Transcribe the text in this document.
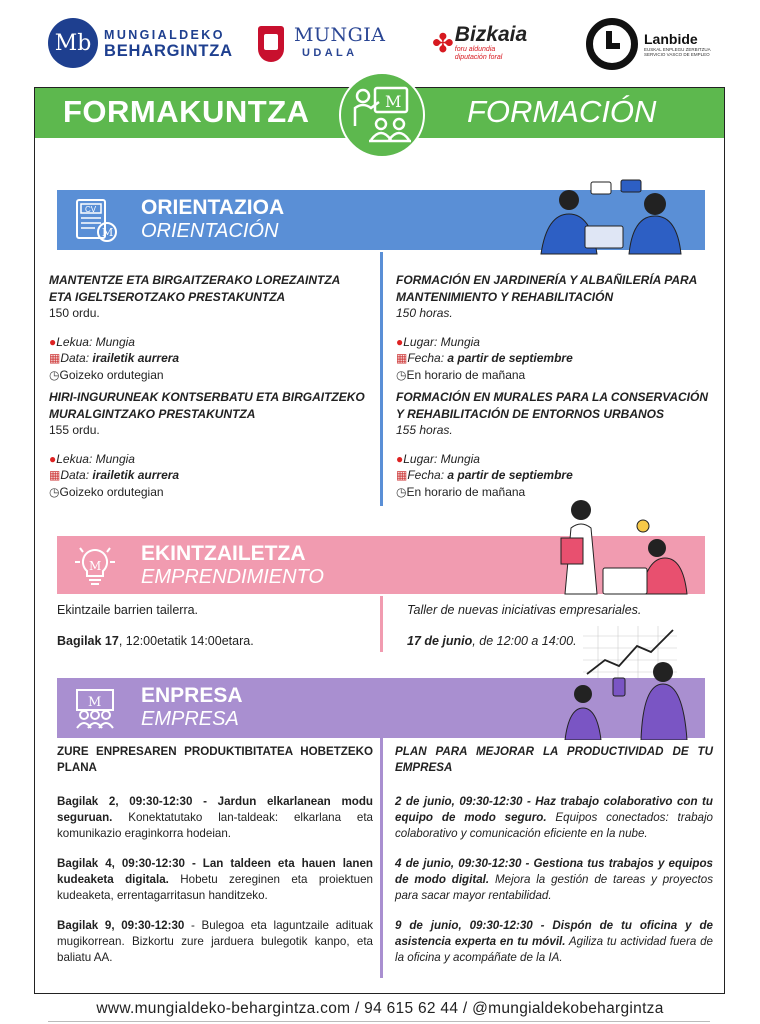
Mb	MUNGIALDEKO
BEHARGINTZA
MUNGIA
UDALA	✤ Bizkaia
foru aldundia
diputación foral
Lanbide
EUSKAL ENPLEGU ZERBITZUA
SERVICIO VASCO DE EMPLEO
FORMAKUNTZA	FORMACIÓN
M
CV
M
ORIENTAZIOA
ORIENTACIÓN
MANTENTZE ETA BIRGAITZERAKO LOREZAINTZA
ETA IGELTSEROTZAKO PRESTAKUNTZA
150 ordu.
●Lekua: Mungia
▦Data: irailetik aurrera
◷Goizeko ordutegian
HIRI-INGURUNEAK KONTSERBATU ETA BIRGAITZEKO
MURALGINTZAKO PRESTAKUNTZA
155 ordu.
●Lekua: Mungia
▦Data: irailetik aurrera
◷Goizeko ordutegian
FORMACIÓN EN JARDINERÍA Y ALBAÑILERÍA PARA
MANTENIMIENTO Y REHABILITACIÓN
150 horas.
●Lugar: Mungia
▦Fecha: a partir de septiembre
◷En horario de mañana
FORMACIÓN EN MURALES PARA LA CONSERVACIÓN
Y REHABILITACIÓN DE ENTORNOS URBANOS
155 horas.
●Lugar: Mungia
▦Fecha: a partir de septiembre
◷En horario de mañana
M
EKINTZAILETZA
EMPRENDIMIENTO
Ekintzaile barrien tailerra.
Bagilak 17, 12:00etatik 14:00etara.
Taller de nuevas iniciativas empresariales.
17 de junio, de 12:00 a 14:00.
M ENPRESA
EMPRESA
ZURE ENPRESAREN PRODUKTIBITATEA HOBETZEKO PLANA
Bagilak 2, 09:30-12:30 - Jardun elkarlanean modu seguruan. Konektatutako lan-taldeak: elkarlana eta komunikazio eraginkorra hodeian.
Bagilak 4, 09:30-12:30 - Lan taldeen eta hauen lanen kudeaketa digitala. Hobetu zereginen eta proiektuen kudeaketa, errentagarritasun handitzeko.
Bagilak 9, 09:30-12:30 - Bulegoa eta laguntzaile adituak mugikorrean. Bizkortu zure jarduera bulegotik kanpo, eta baliatu AA.
PLAN PARA MEJORAR LA PRODUCTIVIDAD DE TU EMPRESA
2 de junio, 09:30-12:30 - Haz trabajo colaborativo con tu equipo de modo seguro. Equipos conectados: trabajo colaborativo y comunicación eficiente en la nube.
4 de junio, 09:30-12:30 - Gestiona tus trabajos y equipos de modo digital. Mejora la gestión de tareas y proyectos para sacar mayor rentabilidad.
9 de junio, 09:30-12:30 - Dispón de tu oficina y de asistencia experta en tu móvil. Agiliza tu actividad fuera de la oficina y acompáñate de la IA.
www.mungialdeko-behargintza.com / 94 615 62 44 / @mungialdekobehargintza
